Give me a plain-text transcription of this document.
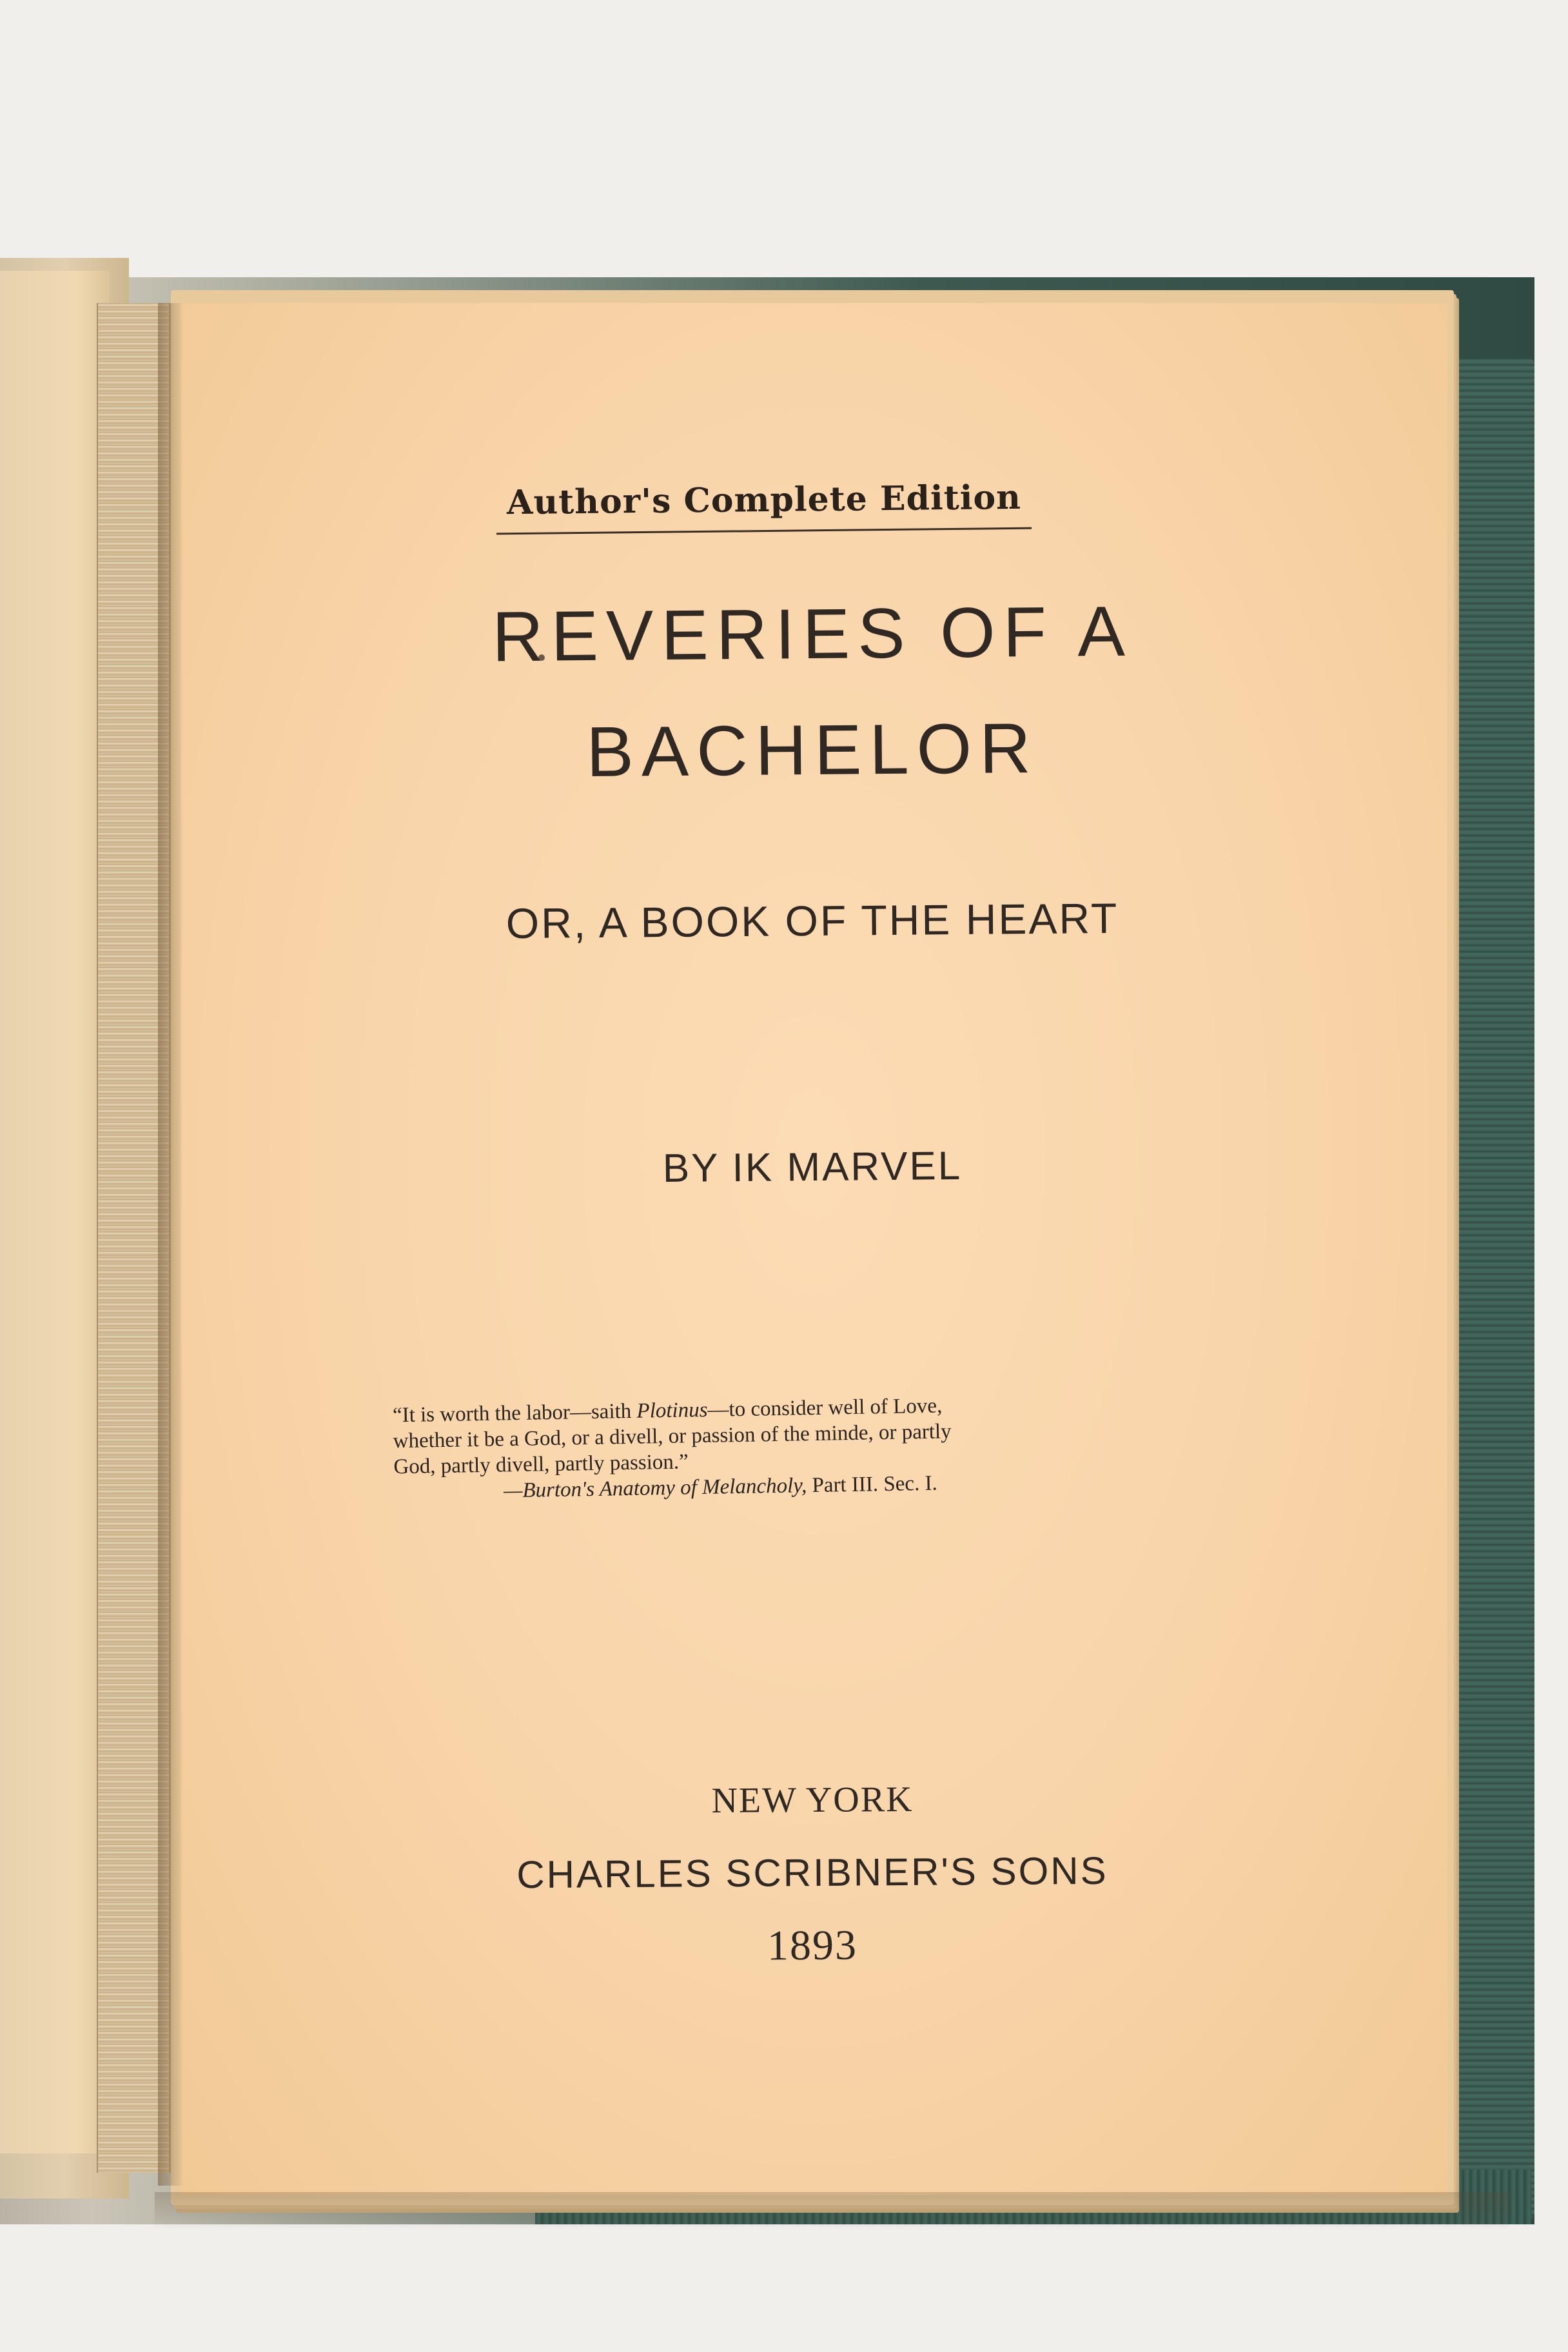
Author's Complete Edition
REVERIES OF A
BACHELOR
OR, A BOOK OF THE HEART
BY IK MARVEL
“It is worth the labor—saith Plotinus—to consider well of Love,
whether it be a God, or a divell, or passion of the minde, or partly
God, partly divell, partly passion.”
—Burton's Anatomy of Melancholy, Part III. Sec. I.
NEW YORK
CHARLES SCRIBNER'S SONS
1893
